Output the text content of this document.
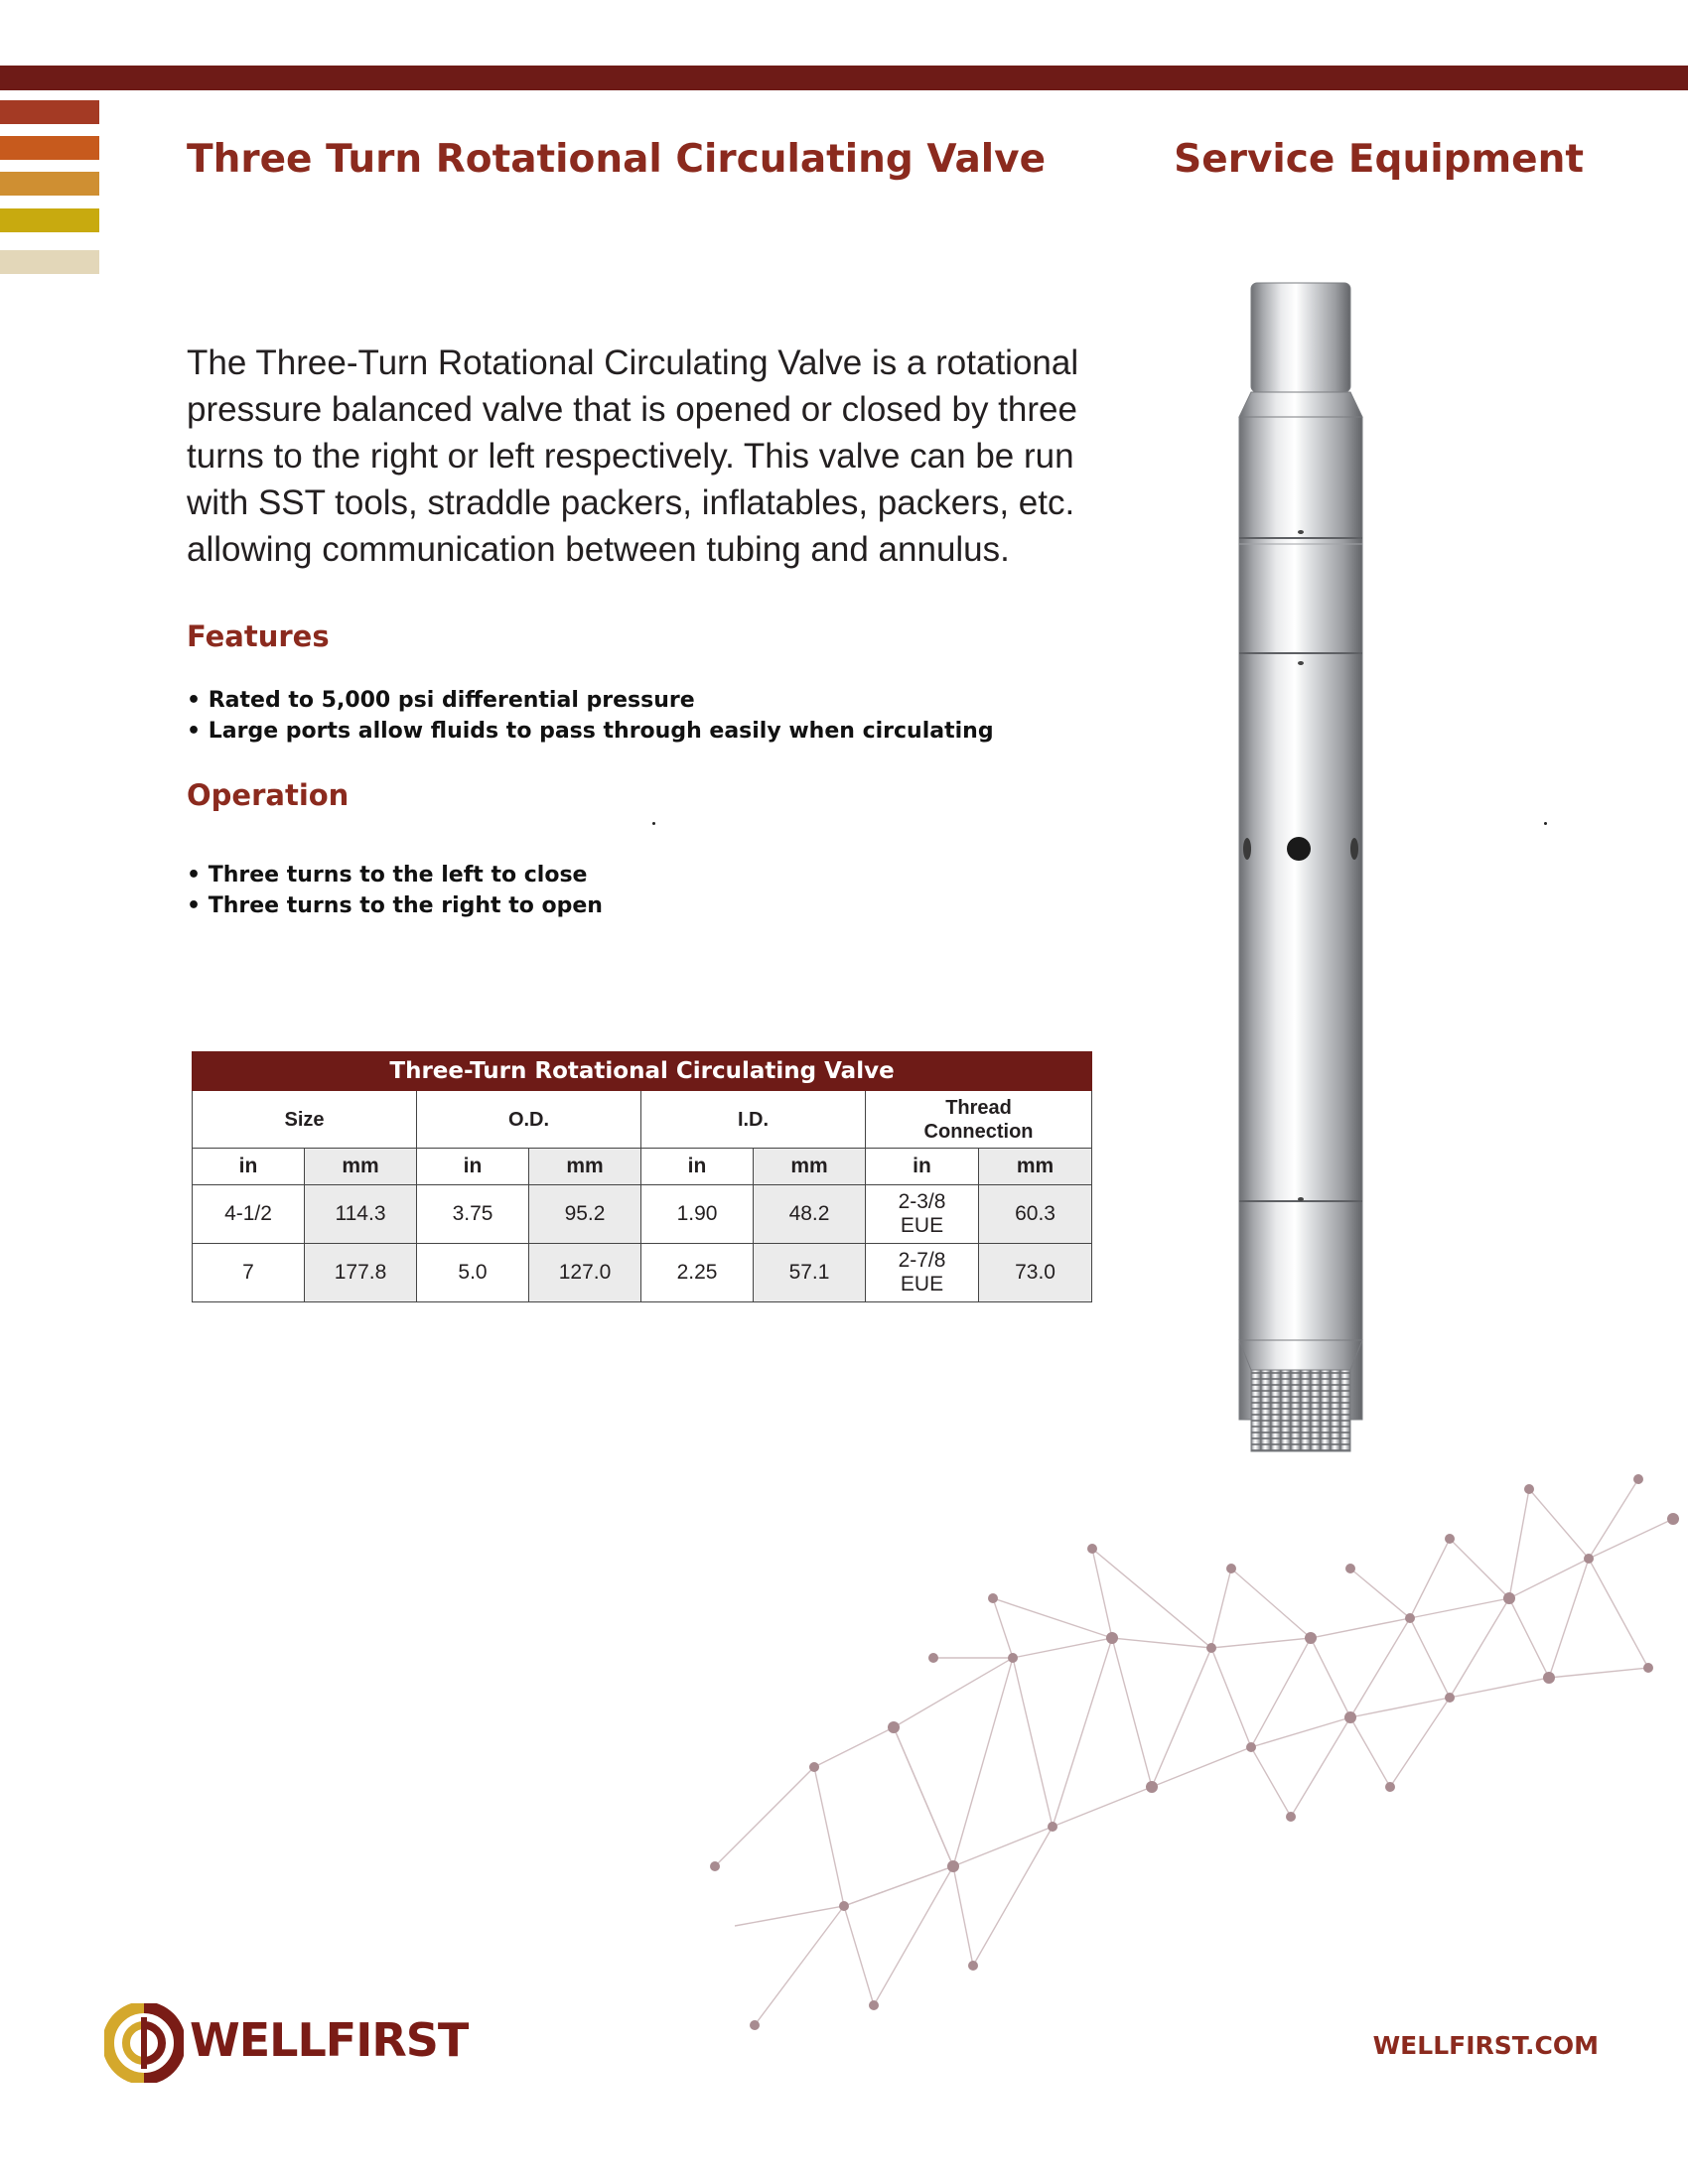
Three Turn Rotational Circulating Valve	Service Equipment

The Three-Turn Rotational Circulating Valve is a rotational pressure balanced valve that is opened or closed by three turns to the right or left respectively. This valve can be run with SST tools, straddle packers, inflatables, packers, etc. allowing communication between tubing and annulus.

Features
• Rated to 5,000 psi differential pressure
• Large ports allow fluids to pass through easily when circulating
Operation
• Three turns to the left to close
• Three turns to the right to open
Three-Turn Rotational Circulating Valve							
Size		O.D.		I.D.		Thread Connection	
in	mm	in	mm	in	mm	in	mm
4-1/2	114.3	3.75	95.2	1.90	48.2	2-3/8 EUE	60.3
7	177.8	5.0	127.0	2.25	57.1	2-7/8 EUE	73.0
WELLFIRST	WELLFIRST.COM
